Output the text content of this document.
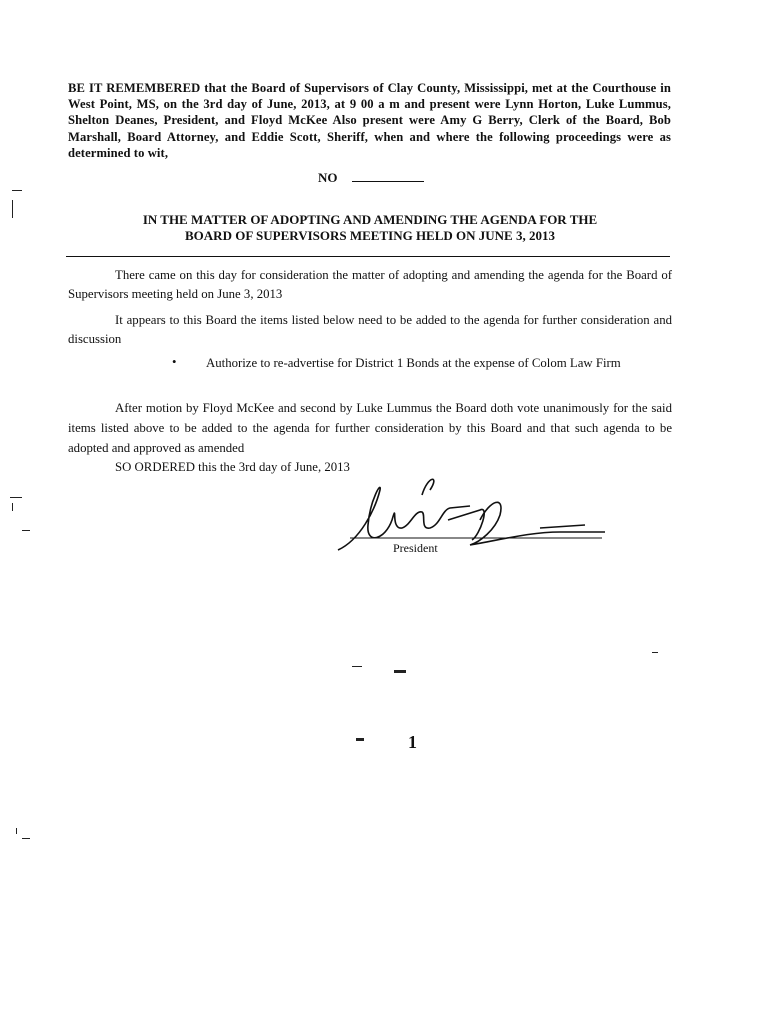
BE IT REMEMBERED that the Board of Supervisors of Clay County, Mississippi, met at the Courthouse in West Point, MS, on the 3rd day of June, 2013, at 9 00 a m and present were Lynn Horton, Luke Lummus, Shelton Deanes, President, and Floyd McKee Also present were Amy G Berry, Clerk of the Board, Bob Marshall, Board Attorney, and Eddie Scott, Sheriff, when and where the following proceedings were as determined to wit,
NO
IN THE MATTER OF ADOPTING AND AMENDING THE AGENDA FOR THE
BOARD OF SUPERVISORS MEETING HELD ON JUNE 3, 2013
There came on this day for consideration the matter of adopting and amending the agenda for the Board of Supervisors meeting held on June 3, 2013
It appears to this Board the items listed below need to be added to the agenda for further consideration and discussion
• Authorize to re-advertise for District 1 Bonds at the expense of Colom Law Firm
After motion by Floyd McKee and second by Luke Lummus the Board doth vote unanimously for the said items listed above to be added to the agenda for further consideration by this Board and that such agenda to be adopted and approved as amended
SO ORDERED this the 3rd day of June, 2013
President
1
